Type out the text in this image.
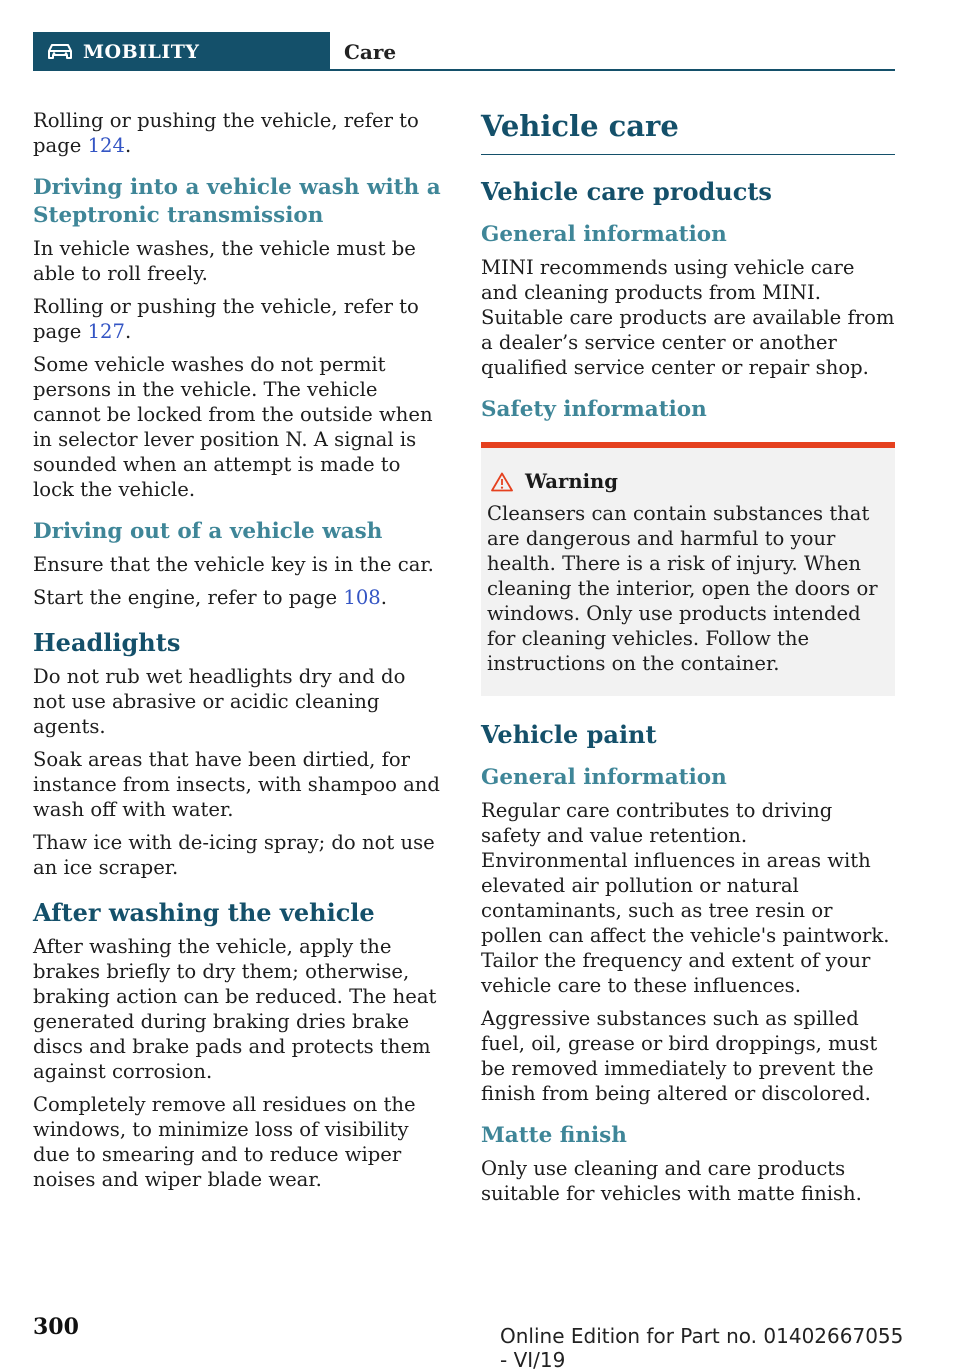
MOBILITY	Care

Rolling or pushing the vehicle, refer to page 124.

Driving into a vehicle wash with a Steptronic transmission

In vehicle washes, the vehicle must be able to roll freely.

Rolling or pushing the vehicle, refer to page 127.

Some vehicle washes do not permit persons in the vehicle. The vehicle cannot be locked from the outside when in selector lever position N. A signal is sounded when an attempt is made to lock the vehicle.

Driving out of a vehicle wash

Ensure that the vehicle key is in the car.

Start the engine, refer to page 108.

Headlights

Do not rub wet headlights dry and do not use abrasive or acidic cleaning agents.

Soak areas that have been dirtied, for instance from insects, with shampoo and wash off with water.

Thaw ice with de-icing spray; do not use an ice scraper.

After washing the vehicle

After washing the vehicle, apply the brakes briefly to dry them; otherwise, braking action can be reduced. The heat generated during braking dries brake discs and brake pads and protects them against corrosion.

Completely remove all residues on the windows, to minimize loss of visibility due to smearing and to reduce wiper noises and wiper blade wear.

Vehicle care
Vehicle care products
General information

MINI recommends using vehicle care and cleaning products from MINI. Suitable care products are available from a dealer’s service center or another qualified service center or repair shop.

Safety information
Warning

Cleansers can contain substances that are dangerous and harmful to your health. There is a risk of injury. When cleaning the interior, open the doors or windows. Only use products intended for cleaning vehicles. Follow the instructions on the container.

Vehicle paint
General information

Regular care contributes to driving safety and value retention. Environmental influences in areas with elevated air pollution or natural contaminants, such as tree resin or pollen can affect the vehicle's paintwork. Tailor the frequency and extent of your vehicle care to these influences.

Aggressive substances such as spilled fuel, oil, grease or bird droppings, must be removed immediately to prevent the finish from being altered or discolored.

Matte finish

Only use cleaning and care products suitable for vehicles with matte finish.

300	Online Edition for Part no. 01402667055 - VI/19
